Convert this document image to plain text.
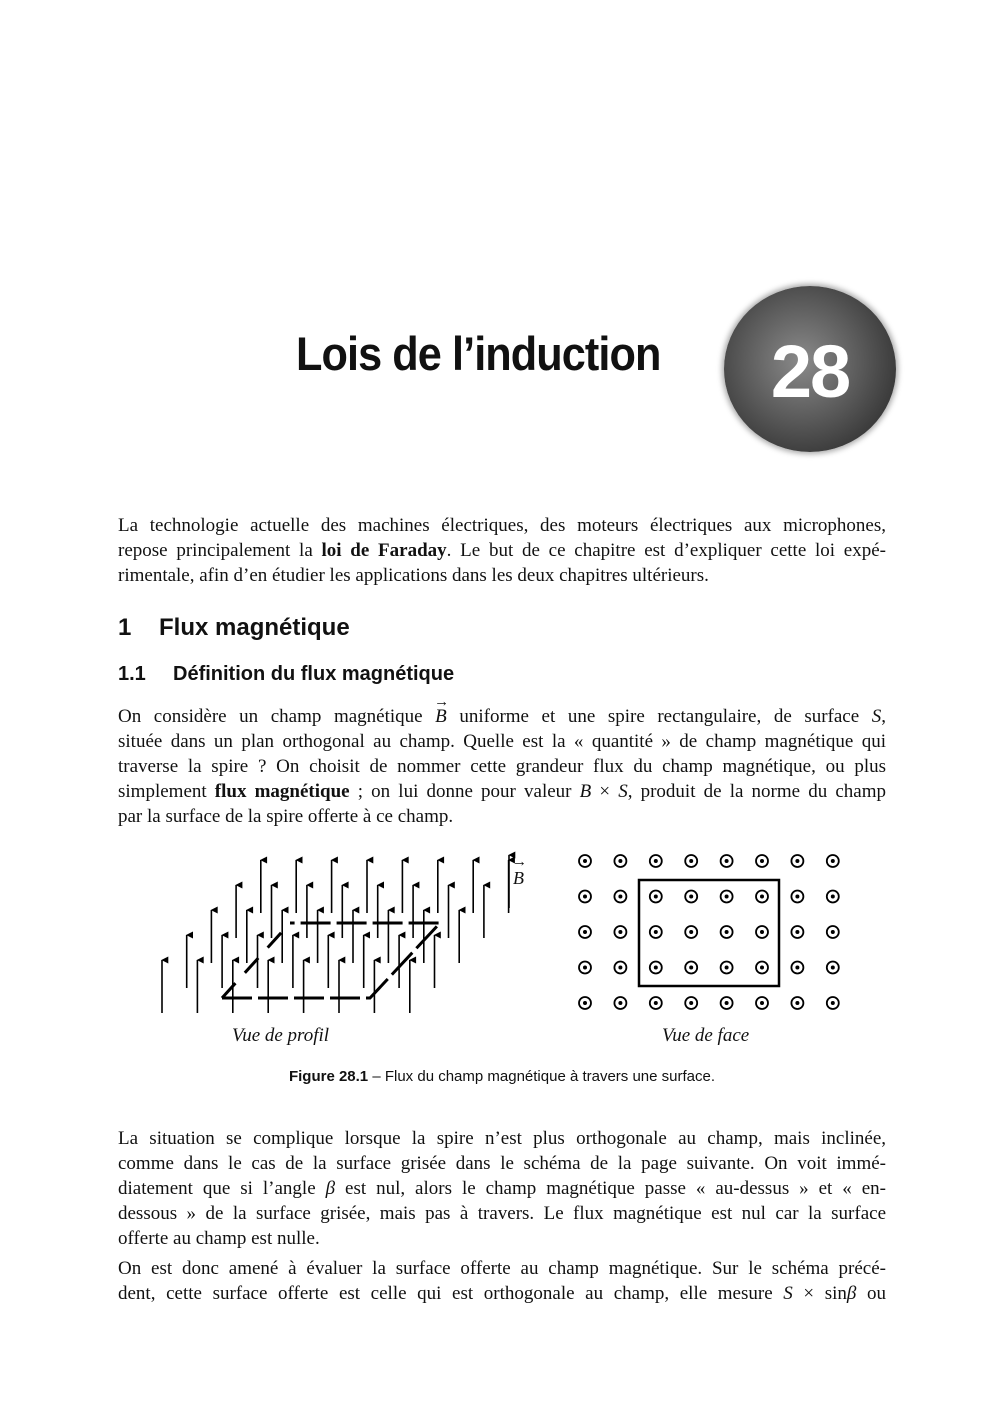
Lois de l’induction 28
La technologie actuelle des machines électriques, des moteurs électriques aux microphones,
repose principalement la loi de Faraday. Le but de ce chapitre est d’expliquer cette loi expé-
rimentale, afin d’en étudier les applications dans les deux chapitres ultérieurs.
1 Flux magnétique
1.1 Définition du flux magnétique
On considère un champ magnétique → B uniforme et une spire rectangulaire, de surface S,
située dans un plan orthogonal au champ. Quelle est la « quantité » de champ magnétique qui
traverse la spire ? On choisit de nommer cette grandeur flux du champ magnétique, ou plus
simplement flux magnétique ; on lui donne pour valeur B × S, produit de la norme du champ
par la surface de la spire offerte à ce champ.
→ B
Vue de profil	Vue de face
Figure 28.1 – Flux du champ magnétique à travers une surface.
La situation se complique lorsque la spire n’est plus orthogonale au champ, mais inclinée,
comme dans le cas de la surface grisée dans le schéma de la page suivante. On voit immé-
diatement que si l’angle β est nul, alors le champ magnétique passe « au-dessus » et « en-
dessous » de la surface grisée, mais pas à travers. Le flux magnétique est nul car la surface
offerte au champ est nulle.
On est donc amené à évaluer la surface offerte au champ magnétique. Sur le schéma précé-
dent, cette surface offerte est celle qui est orthogonale au champ, elle mesure S × sinβ ou
